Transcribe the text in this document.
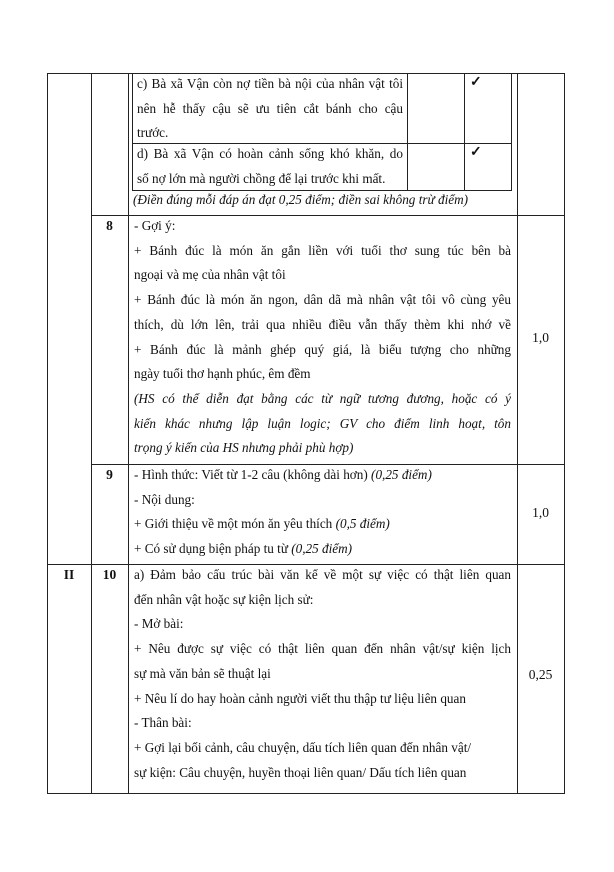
c) Bà xã Vận còn nợ tiền bà nội của nhân vật tôi

nên hễ thấy cậu sẽ ưu tiên cắt bánh cho cậu

trước.

✓

d) Bà xã Vận có hoàn cảnh sống khó khăn, do

số nợ lớn mà người chồng để lại trước khi mất.

✓
(Điền đúng mỗi đáp án đạt 0,25 điểm; điền sai không trừ điểm)
8	- Gợi ý:

+ Bánh đúc là món ăn gắn liền với tuổi thơ sung túc bên bà

ngoại và mẹ của nhân vật tôi

+ Bánh đúc là món ăn ngon, dân dã mà nhân vật tôi vô cùng yêu

thích, dù lớn lên, trải qua nhiều điều vẫn thấy thèm khi nhớ về

+ Bánh đúc là mảnh ghép quý giá, là biểu tượng cho những

ngày tuổi thơ hạnh phúc, êm đềm

(HS có thể diễn đạt bằng các từ ngữ tương đương, hoặc có ý

kiến khác nhưng lập luận logic; GV cho điểm linh hoạt, tôn

trọng ý kiến của HS nhưng phải phù hợp)

1,0
9	- Hình thức: Viết từ 1-2 câu (không dài hơn) (0,25 điểm)

- Nội dung:

+ Giới thiệu về một món ăn yêu thích (0,5 điểm)

+ Có sử dụng biện pháp tu từ (0,25 điểm)

1,0
II	10	a) Đảm bảo cấu trúc bài văn kể về một sự việc có thật liên quan

đến nhân vật hoặc sự kiện lịch sử:

- Mở bài:

+ Nêu được sự việc có thật liên quan đến nhân vật/sự kiện lịch

sự mà văn bản sẽ thuật lại

+ Nêu lí do hay hoàn cảnh người viết thu thập tư liệu liên quan

- Thân bài:

+ Gợi lại bối cảnh, câu chuyện, dấu tích liên quan đến nhân vật/

sự kiện: Câu chuyện, huyền thoại liên quan/ Dấu tích liên quan

0,25
